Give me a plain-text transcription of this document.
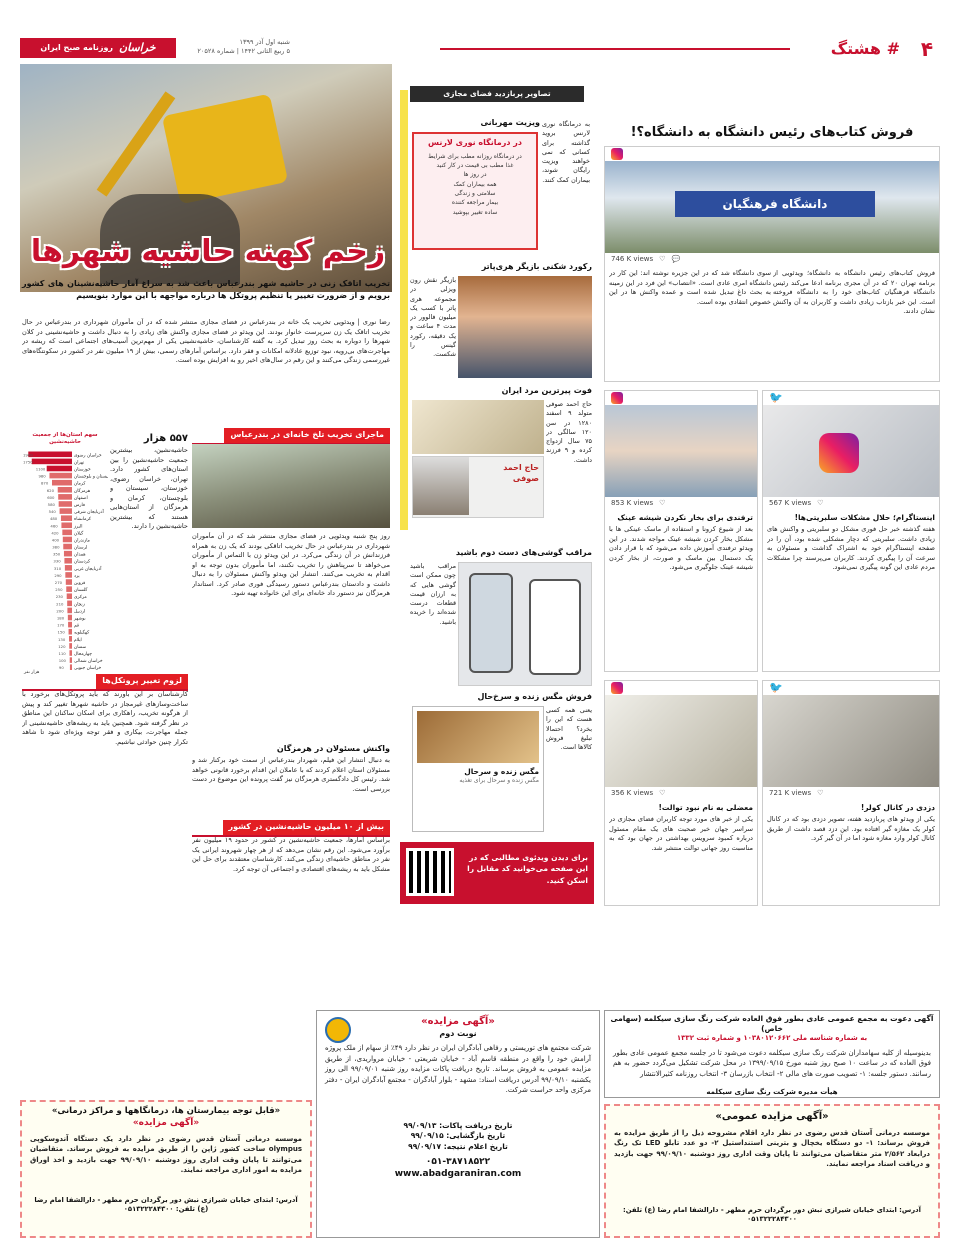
۴
# هشتگ
شنبه اول آذر ۱۳۹۹
۵ ربیع الثانی ۱۴۴۲ | شماره ۲۰۵۲۸
خراسان
روزنامه صبح ایران
زخم کهنه حاشیه شهرها
تخریب اتاقک زنی در حاشیه شهر بندرعباس باعث شد به سراغ آمار حاشیه‌نشینان های کشور برویم و از ضرورت تغییر یا تنظیم پروتکل ها درباره مواجهه با این موارد بنویسیم
رضا نوری | ویدئویی تخریب یک خانه در بندرعباس در فضای مجازی منتشر شده که در آن مأموران شهرداری در بندرعباس در حال تخریب اتاقک یک زن سرپرست خانوار بودند. این ویدئو در فضای مجازی واکنش های زیادی را به دنبال داشت و حاشیه‌نشینی در کلان شهرها را دوباره به بحث روز تبدیل کرد. به گفته کارشناسان، حاشیه‌نشینی یکی از مهم‌ترین آسیب‌های اجتماعی است که ریشه در مهاجرت‌های بی‌رویه، نبود توزیع عادلانه امکانات و فقر دارد. براساس آمارهای رسمی، بیش از ۱۹ میلیون نفر در کشور در سکونتگاه‌های غیررسمی زندگی می‌کنند و این رقم در سال‌های اخیر رو به افزایش بوده است.
ماجرای تخریب تلخ خانه‌ای در بندرعباس
روز پنج شنبه ویدئویی در فضای مجازی منتشر شد که در آن مأموران شهرداری در بندرعباس در حال تخریب اتاقکی بودند که یک زن به همراه فرزندانش در آن زندگی می‌کرد. در این ویدئو زن با التماس از مأموران می‌خواهد تا سرپناهش را تخریب نکنند، اما مأموران بدون توجه به او اقدام به تخریب می‌کنند. انتشار این ویدئو واکنش مسئولان را به دنبال داشت و دادستان بندرعباس دستور رسیدگی فوری صادر کرد. استاندار هرمزگان نیز دستور داد خانه‌ای برای این خانواده تهیه شود.
واکنش مسئولان در هرمزگان
به دنبال انتشار این فیلم، شهردار بندرعباس از سمت خود برکنار شد و مسئولان استان اعلام کردند که با عاملان این اقدام برخورد قانونی خواهد شد. رئیس کل دادگستری هرمزگان نیز گفت پرونده این موضوع در دست بررسی است.
بیش از ۱۰ میلیون حاشیه‌نشین در کشور
براساس آمارها، جمعیت حاشیه‌نشین در کشور در حدود ۱۹ میلیون نفر برآورد می‌شود. این رقم نشان می‌دهد که از هر چهار شهروند ایرانی یک نفر در مناطق حاشیه‌ای زندگی می‌کند. کارشناسان معتقدند برای حل این مشکل باید به ریشه‌های اقتصادی و اجتماعی آن توجه کرد.
۵۵۷ هزار
حاشیه‌نشین، بیشترین جمعیت حاشیه‌نشین را بین استان‌های کشور دارد. تهران، خراسان رضوی، خوزستان، سیستان و بلوچستان، کرمان و هرمزگان از استان‌هایی هستند که بیشترین حاشیه‌نشین را دارند.
سهم استان‌ها از جمعیت حاشیه‌نشین
خراسان رضوی
1900
تهران
1750
خوزستان
1100
سیستان و بلوچستان
980
کرمان
870
هرمزگان
620
اصفهان
600
فارس
580
آذربایجان شرقی
540
کرمانشاه
480
البرز
460
گیلان
420
مازندران
400
لرستان
380
همدان
350
کردستان
330
آذربایجان غربی
310
یزد
290
قزوین
270
گلستان
250
مرکزی
230
زنجان
210
اردبیل
200
بوشهر
180
قم
170
کهگیلویه
150
ایلام
130
سمنان
120
چهارمحال
110
خراسان شمالی
100
خراسان جنوبی
90
هزار نفر
لزوم تغییر پروتکل‌ها
کارشناسان بر این باورند که باید پروتکل‌های برخورد با ساخت‌وسازهای غیرمجاز در حاشیه شهرها تغییر کند و پیش از هرگونه تخریب، راهکاری برای اسکان ساکنان این مناطق در نظر گرفته شود. همچنین باید به ریشه‌های حاشیه‌نشینی از جمله مهاجرت، بیکاری و فقر توجه ویژه‌ای شود تا شاهد تکرار چنین حوادثی نباشیم.
تصاویر پربازدید فضای مجازی
ویزیت مهربانی
در درمانگاه نوری لارنس
در درمانگاه روزانه مطب برای شرایط
غذا مطب بی قیمت در کار کنید
در روز ها
همه بیماران کمک
سلامتی و زندگی
بیمار مراجعه کننده
ساده تغییر بپوشید
به درمانگاه نوری لارنس بروید گذاشته برای کسانی که نمی خواهند ویزیت رایگان شوند، بیماران کمک کنند.
رکورد شکنی بازیگر هری‌پاتر
بازیگر نقش رون ویزلی در مجموعه هری پاتر با کسب یک میلیون فالوور در مدت ۴ ساعت و یک دقیقه، رکورد گینس را شکست.
فوت پیرترین مرد ایران
حاج احمد صوفی
حاج احمد صوفی متولد ۹ اسفند ۱۲۸۰ در سن ۱۲۰ سالگی در ۷۵ سال ازدواج کرده و ۹ فرزند داشت.
مراقب گوشی‌های دست دوم باشید
مراقب باشید چون ممکن است گوشی هایی که به ارزان قیمت قطعات درست شده‌اند را خریده باشید.
فروش مگس زنده و سرخ‌حال
مگس زنده و سرحال
مگس زنده و سرحال برای تغذیه
یعنی همه کسی هست که این را بخرد؟ احتمالا تبلیغ فروش کالاها است.
برای دیدن ویدئوی مطالبی که در این صفحه می‌خوانید کد مقابل را اسکن کنید.
فروش کتاب‌های رئیس دانشگاه به دانشگاه؟!
دانشگاه فرهنگیان
746 K views ♡ 💬
سوی دانشگاه شد که در این جزیره نوشته اند: این کار در دانشگاه امری عادی است. «انتصاب» این فرد در این زمینه به بحث داغ تبدیل شده است و عمده واکنش ها در این خصوص انتقادی بوده است.
فروش کتاب‌های رئیس دانشگاه به دانشگاه؛ ویدئویی از برنامه تهران ۲۰ که در آن مجری برنامه ادعا می‌کند رئیس دانشگاه فرهنگیان کتاب‌های خود را به دانشگاه فروخته است. این خبر بازتاب زیادی داشت و کاربران به آن واکنش نشان دادند.
🐦
567 K views ♡
اینستاگرام؛ حلال مشکلات سلبریتی‌ها!
هفته گذشته خبر حل فوری مشکل دو سلبریتی و واکنش های زیادی داشت. سلبریتی که دچار مشکلی شده بود، آن را در صفحه اینستاگرام خود به اشتراک گذاشت و مسئولان به سرعت آن را پیگیری کردند. کاربران می‌پرسند چرا مشکلات مردم عادی این گونه پیگیری نمی‌شود.
853 K views ♡
ترفندی برای بخار نکردن شیشه عینک
بعد از شیوع کرونا و استفاده از ماسک عینکی ها با مشکل بخار کردن شیشه عینک مواجه شدند. در این ویدئو ترفندی آموزش داده می‌شود که با قرار دادن یک دستمال بین ماسک و صورت، از بخار کردن شیشه عینک جلوگیری می‌شود.
🐦
721 K views ♡
دزدی در کانال کولر!
یکی از ویدئو های پربازدید هفته، تصویر دزدی بود که در کانال کولر یک مغازه گیر افتاده بود. این دزد قصد داشت از طریق کانال کولر وارد مغازه شود اما در آن گیر کرد.
356 K views ♡
معضلی به نام نبود توالت!
یکی از خبر های مورد توجه کاربران فضای مجازی در سراسر جهان خبر صحبت های یک مقام مسئول درباره کمبود سرویس بهداشتی در جهان بود که به مناسبت روز جهانی توالت منتشر شد.
آگهی دعوت به مجمع عمومی عادی بطور فوق العاده شرکت رنگ سازی سیکلمه (سهامی خاص)
به شماره شناسه ملی ۱۰۳۸۰۱۲۰۶۶۲ و شماره ثبت ۱۳۳۲
بدینوسیله از کلیه سهامداران شرکت رنگ سازی سیکلمه دعوت می‌شود تا در جلسه مجمع عمومی عادی بطور فوق العاده که در ساعت ۱۰ صبح روز شنبه مورخ ۱۳۹۹/۰۹/۱۵ در محل شرکت تشکیل می‌گردد حضور به هم رسانند. دستور جلسه: ۱- تصویب صورت های مالی ۲- انتخاب بازرسان ۳- انتخاب روزنامه کثیرالانتشار
هیأت مدیره شرکت رنگ سازی سیکلمه
«آگهی مزایده»
نوبت دوم
شرکت مجتمع های توریستی و رفاهی آبادگران ایران در نظر دارد ۴۹٪ از سهام از ملک پروژه آرامش خود را واقع در منطقه قاسم آباد - خیابان شریعتی - خیابان مرواریدی، از طریق مزایده عمومی به فروش برساند. تاریخ دریافت پاکات مزایده روز شنبه ۹۹/۰۹/۰۱ الی روز یکشنبه ۹۹/۰۹/۱۰ آدرس دریافت اسناد: مشهد - بلوار آبادگران - مجتمع آبادگران ایران - دفتر مرکزی واحد حراست شرکت.
تاریخ دریافت پاکات: ۹۹/۰۹/۱۳
تاریخ بازگشایی: ۹۹/۰۹/۱۵
تاریخ اعلام نتیجه: ۹۹/۰۹/۱۷
۰۵۱-۳۸۷۱۸۵۲۲
www.abadgaraniran.com
«آگهی مزایده عمومی»
موسسه درمانی آستان قدس رضوی در نظر دارد اقلام مشروحه ذیل را از طریق مزایده به فروش برساند: ۱- دو دستگاه یخچال و بترینی استنداستیل ۲- دو عدد تابلو LED تک رنگ درابعاد ۲/۵۶۲ متر متقاضیان می‌توانند تا پایان وقت اداری روز دوشنبه ۹۹/۰۹/۱۰ جهت بازدید و دریافت اسناد مراجعه نمایند.
آدرس: ابتدای خیابان شیرازی نبش دور برگردان حرم مطهر - دارالشفا امام رضا (ع) تلفن: ۰۵۱۳۲۲۲۸۴۳۰۰
«قابل توجه بیمارستان ها، درمانگاهها و مراکز درمانی»
«آگهی مزایده»
موسسه درمانی آستان قدس رضوی در نظر دارد یک دستگاه آندوسکوپی olympus ساخت کشور ژاپن را از طریق مزایده به فروش برساند. متقاضیان می‌توانند تا پایان وقت اداری روز دوشنبه ۹۹/۰۹/۱۰ جهت بازدید و اخذ اوراق مزایده به امور اداری مراجعه نمایند.
آدرس: ابتدای خیابان شیرازی نبش دور برگردان حرم مطهر - دارالشفا امام رضا (ع) تلفن: ۰۵۱۳۲۲۲۸۴۳۰۰
